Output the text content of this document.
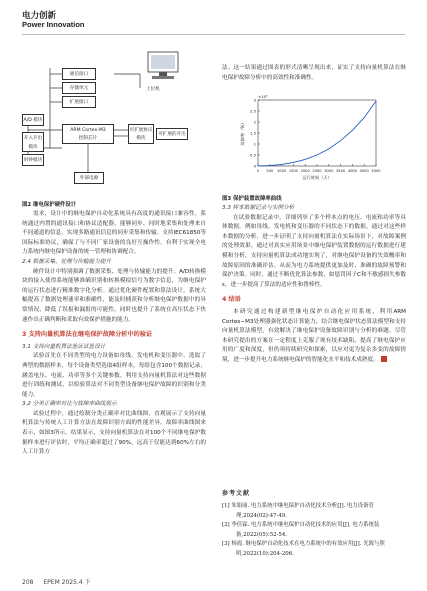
电力创新
Power Innovation
通信接口
存储单元
扩展接口
上位机
ARM Cortex-M3
控制芯片
A/D 模块
开入开出模块
时钟模块
可扩展协议
模块
可扩展的开出
外部电源
图2 继电保护硬件设计

需求，设计中的继电保护自动化系统具有高度的通讯接口兼容性。系统通过内置的通讯接口和协议适配器，能够同步、同时地采集和处理来自不同通道的信息，实现多路通讯信息的同步采集和传输。支持IEC61850等国际标准协议，确保了与不同厂家设备的良好互操作性，有利于实现全电力系统内继电保护设备的统一管理和协调配合。

2.4 数据采集、处理与传输能力提升

硬件设计中特别强调了数据采集、处理与传输能力的提升。A/D转换模块的接入使得系统能够准确识别和转换模拟信号为数字信息，为继电保护的运行状态进行精准数字化分析。通过优化硬件配置和算法设计，系统大幅提高了数据处理速率和准确性，能及时捕获和分析继电保护数据中的异常情况，降低了误报和漏报的可能性，同时也提升了系统在高压状态下快速作出正确判断和采取有效保护措施的能力。

3 支持向量机算法在继电保护故障分析中的验证

3.1 支持向量机算法验证试验设计

试验首先在不同类型的电力设备如母线、发电机和变压器中，选取了典型的数据样本，每个设备类型选取4组样本，每组包含100个数据记录，涵盖电压、电流、功率等多个关键参数。利用支持向量机算法对这些数据进行训练和测试，以检验算法对不同类型设备继电保护故障的识别和分类能力。

3.2 分类正确率对比与故障率曲线展示

试验过程中，通过绘制分类正确率对比曲线图，直观展示了支持向量机算法与传统人工计算方法在故障识别方面的性能差异。故障率曲线图来表示，如图3所示。结果显示，支持向量机算法在对100个不同继电保护数据样本进行评估时，平均正确率超过了90%，远高于仅能达到60%左右的人工计算方

法。这一结果通过图表的形式清晰呈现出来，证实了支持向量机算法在继电保护故障分析中的高效性和准确性。

0 500 1000 1500 2000 2500 3000 3500 4000 4500 5000
0
0.5
1
1.5
2
2.5
3
×10⁵
运行时间（天）
故障率（%）
图3 保护装置故障率曲线

3.3 样本数据记录与实例分析

在试验数据记录中，详细列举了多个样本点的电压、电流和功率等具体数据。例如母线、发电机和变压器的不同状态下的数据。通过对这些样本数据的分析，进一步证明了支持向量机算法在实际场景下，对故障案例的处理效果。通过对真实应用场景中继电保护装置数据的运行数据进行建模和分析，支持向量机算法成功地实现了，对继电保护设备的失效概率和故障原因的准确评估。从而为电力系统提供更加及时、准确的故障预警和保护决策。同时，通过不断优化算法参数，如惩罚因子C和不敏感损失参数ε，进一步提高了算法的适应性和鲁棒性。

4 结语

本研究通过构建新型继电保护自动化应用系统，利用ARM Cortex−M3处理器强化状态计算能力，结合继电保护状态算法模型和支持向量机算法模型，有效解决了继电保护设备故障识别与分析的难题。尽管本研究提出的方案在一定程度上克服了现有技术缺陷，提高了继电保护应用的广度和深度，但仍须持续研究和探索，以应对更为复杂多变的故障情境，进一步提升电力系统继电保护的智能化水平和技术成熟度。

参考文献

[1] 朱娟丽. 电力系统中继电保护自动化技术分析[J]. 电力设备管理,2024(02):47-49.

[2] 李佳霖. 电力系统中继电保护自动化技术的应用[J]. 电力系统装备,2022(05):52-54.

[3] 杨霞. 继电保护自动化技术在电力系统中的有效应用[J]. 光源与照明,2022(10):204-206.

208 EPEM 2025.4 下
